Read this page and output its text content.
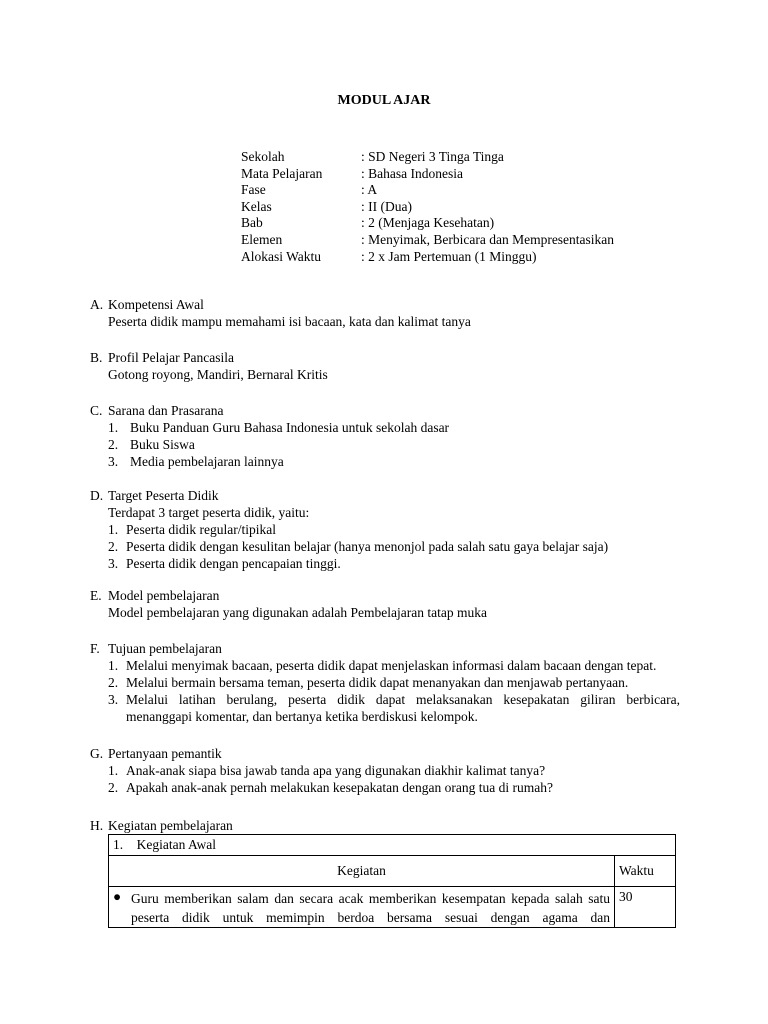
MODUL AJAR
Sekolah	: SD Negeri 3 Tinga Tinga
Mata Pelajaran	: Bahasa Indonesia
Fase	: A
Kelas	: II (Dua)
Bab	: 2 (Menjaga Kesehatan)
Elemen	: Menyimak, Berbicara dan Mempresentasikan
Alokasi Waktu	: 2 x Jam Pertemuan (1 Minggu)
A. Kompetensi Awal
Peserta didik mampu memahami isi bacaan, kata dan kalimat tanya
B. Profil Pelajar Pancasila
Gotong royong, Mandiri, Bernaral Kritis
C. Sarana dan Prasarana
1. Buku Panduan Guru Bahasa Indonesia untuk sekolah dasar
2. Buku Siswa
3. Media pembelajaran lainnya
D. Target Peserta Didik
Terdapat 3 target peserta didik, yaitu:
1. Peserta didik regular/tipikal
2. Peserta didik dengan kesulitan belajar (hanya menonjol pada salah satu gaya belajar saja)
3. Peserta didik dengan pencapaian tinggi.
E. Model pembelajaran
Model pembelajaran yang digunakan adalah Pembelajaran tatap muka
F. Tujuan pembelajaran
1. Melalui menyimak bacaan, peserta didik dapat menjelaskan informasi dalam bacaan dengan tepat.
2. Melalui bermain bersama teman, peserta didik dapat menanyakan dan menjawab pertanyaan.
3. Melalui latihan berulang, peserta didik dapat melaksanakan kesepakatan giliran berbicara, menanggapi komentar, dan bertanya ketika berdiskusi kelompok.
G. Pertanyaan pemantik
1. Anak-anak siapa bisa jawab tanda apa yang digunakan diakhir kalimat tanya?
2. Apakah anak-anak pernah melakukan kesepakatan dengan orang tua di rumah?
H. Kegiatan pembelajaran
1.    Kegiatan Awal	
Kegiatan	Waktu

● Guru memberikan salam dan secara acak memberikan kesempatan kepada salah satu peserta didik untuk memimpin berdoa bersama sesuai dengan agama dan	30
